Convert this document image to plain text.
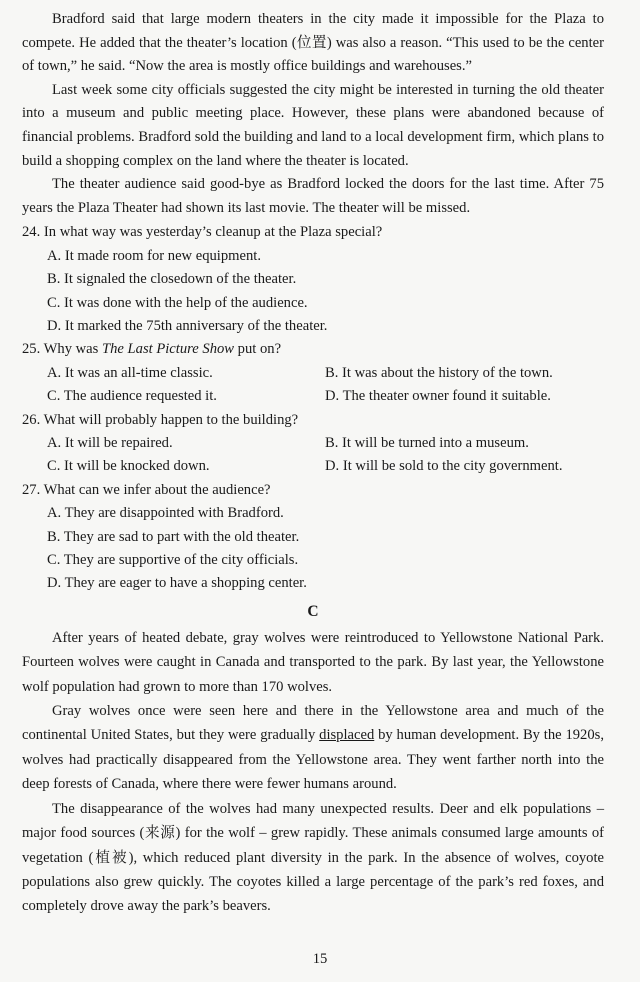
Bradford said that large modern theaters in the city made it impossible for the Plaza to compete. He added that the theater’s location (位置) was also a reason. “This used to be the center of town,” he said. “Now the area is mostly office buildings and warehouses.”

Last week some city officials suggested the city might be interested in turning the old theater into a museum and public meeting place. However, these plans were abandoned because of financial problems. Bradford sold the building and land to a local development firm, which plans to build a shopping complex on the land where the theater is located.

The theater audience said good-bye as Bradford locked the doors for the last time. After 75 years the Plaza Theater had shown its last movie. The theater will be missed.

24. In what way was yesterday’s cleanup at the Plaza special?
A. It made room for new equipment.
B. It signaled the closedown of the theater.
C. It was done with the help of the audience.
D. It marked the 75th anniversary of the theater.
25. Why was The Last Picture Show put on?
A. It was an all-time classic.	B. It was about the history of the town.
C. The audience requested it.	D. The theater owner found it suitable.
26. What will probably happen to the building?
A. It will be repaired.	B. It will be turned into a museum.
C. It will be knocked down.	D. It will be sold to the city government.
27. What can we infer about the audience?
A. They are disappointed with Bradford.
B. They are sad to part with the old theater.
C. They are supportive of the city officials.
D. They are eager to have a shopping center.
C

After years of heated debate, gray wolves were reintroduced to Yellowstone National Park. Fourteen wolves were caught in Canada and transported to the park. By last year, the Yellowstone wolf population had grown to more than 170 wolves.

Gray wolves once were seen here and there in the Yellowstone area and much of the continental United States, but they were gradually displaced by human development. By the 1920s, wolves had practically disappeared from the Yellowstone area. They went farther north into the deep forests of Canada, where there were fewer humans around.

The disappearance of the wolves had many unexpected results. Deer and elk populations – major food sources (来源) for the wolf – grew rapidly. These animals consumed large amounts of vegetation (植被), which reduced plant diversity in the park. In the absence of wolves, coyote populations also grew quickly. The coyotes killed a large percentage of the park’s red foxes, and completely drove away the park’s beavers.

15
